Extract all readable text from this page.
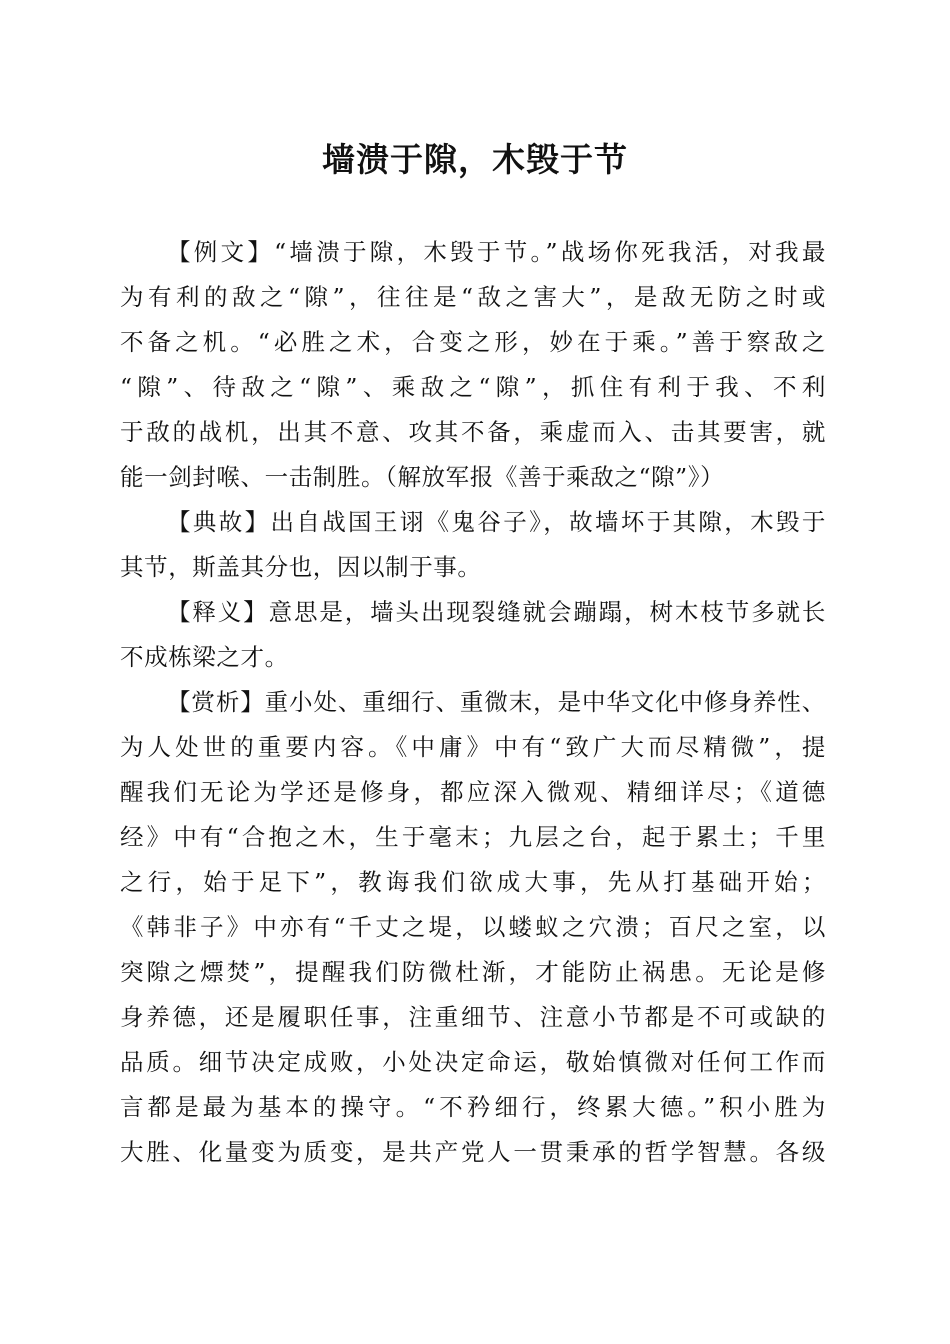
墙溃于隙，木毁于节
【例文】“墙溃于隙，木毁于节。”战场你死我活，对我最
为有利的敌之“隙”，往往是“敌之害大”，是敌无防之时或
不备之机。“必胜之术，合变之形，妙在于乘。”善于察敌之
“隙”、待敌之“隙”、乘敌之“隙”，抓住有利于我、不利
于敌的战机，出其不意、攻其不备，乘虚而入、击其要害，就
能一剑封喉、一击制胜。（解放军报《善于乘敌之“隙”》）
【典故】出自战国王诩《鬼谷子》，故墙坏于其隙，木毁于
其节，斯盖其分也，因以制于事。
【释义】意思是，墙头出现裂缝就会蹦蹋，树木枝节多就长
不成栋梁之才。
【赏析】重小处、重细行、重微末，是中华文化中修身养性、
为人处世的重要内容。《中庸》中有“致广大而尽精微”，提
醒我们无论为学还是修身，都应深入微观、精细详尽；《道德
经》中有“合抱之木，生于毫末；九层之台，起于累土；千里
之行，始于足下”，教诲我们欲成大事，先从打基础开始；
《韩非子》中亦有“千丈之堤，以蝼蚁之穴溃；百尺之室，以
突隙之熛焚”，提醒我们防微杜渐，才能防止祸患。无论是修
身养德，还是履职任事，注重细节、注意小节都是不可或缺的
品质。细节决定成败，小处决定命运，敬始慎微对任何工作而
言都是最为基本的操守。“不矜细行，终累大德。”积小胜为
大胜、化量变为质变，是共产党人一贯秉承的哲学智慧。各级
